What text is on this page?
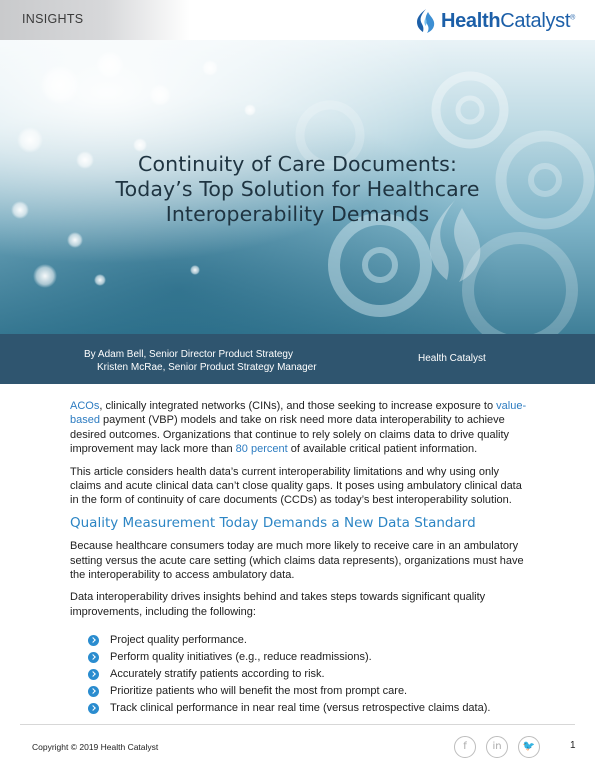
INSIGHTS	HealthCatalyst®
Continuity of Care Documents:
Today’s Top Solution for Healthcare
Interoperability Demands
By Adam Bell, Senior Director Product Strategy
Kristen McRae, Senior Product Strategy Manager
Health Catalyst

ACOs, clinically integrated networks (CINs), and those seeking to increase exposure to value-based payment (VBP) models and take on risk need more data interoperability to achieve desired outcomes. Organizations that continue to rely solely on claims data to drive quality improvement may lack more than 80 percent of available critical patient information.

This article considers health data’s current interoperability limitations and why using only claims and acute clinical data can’t close quality gaps. It poses using ambulatory clinical data in the form of continuity of care documents (CCDs) as today’s best interoperability solution.

Quality Measurement Today Demands a New Data Standard

Because healthcare consumers today are much more likely to receive care in an ambulatory setting versus the acute care setting (which claims data represents), organizations must have the interoperability to access ambulatory data.

Data interoperability drives insights behind and takes steps towards significant quality improvements, including the following:

Project quality performance.
Perform quality initiatives (e.g., reduce readmissions).
Accurately stratify patients according to risk.
Prioritize patients who will benefit the most from prompt care.
Track clinical performance in near real time (versus retrospective claims data).
Copyright © 2019 Health Catalyst	f	in	🐦	1
